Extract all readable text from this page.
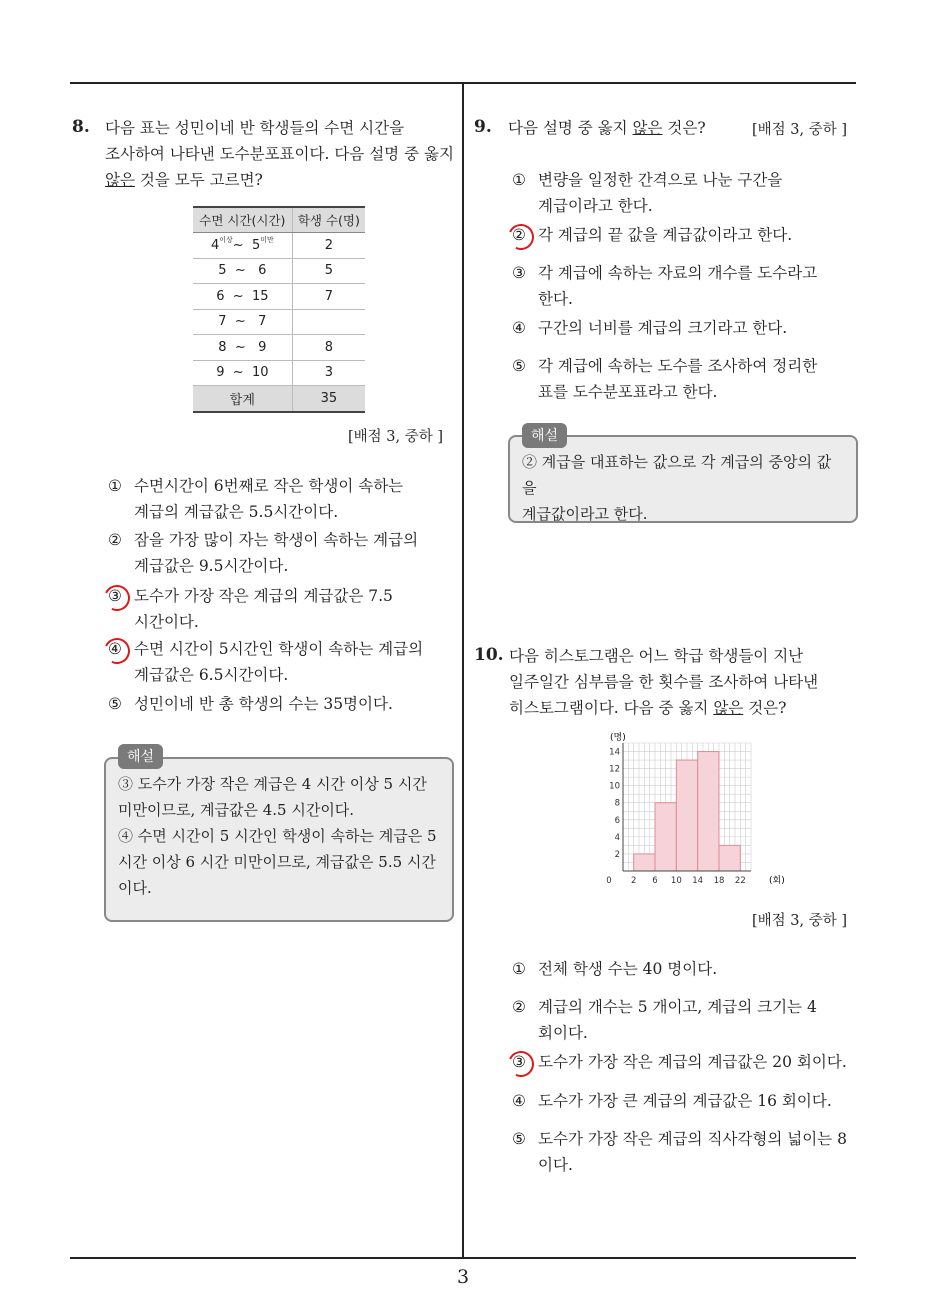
3
8. 다음 표는 성민이네 반 학생들의 수면 시간을
조사하여 나타낸 도수분포표이다. 다음 설명 중 옳지
않은 것을 모두 고르면?
수면 시간(시간)	학생 수(명)
$4^{이상}\sim$ $5^{미만}$	2
5 ~ 6	5
6 ~ 15	7
7 ~ 7	
8 ~ 9	8
9 ~ 10	3
합계	35
[배점 3, 중하 ]
① 수면시간이 6번째로 작은 학생이 속하는
계급의 계급값은 5.5시간이다.
② 잠을 가장 많이 자는 학생이 속하는 계급의
계급값은 9.5시간이다.
③ 도수가 가장 작은 계급의 계급값은 7.5
시간이다.
④ 수면 시간이 5시간인 학생이 속하는 계급의
계급값은 6.5시간이다.
⑤ 성민이네 반 총 학생의 수는 35명이다.
③ 도수가 가장 작은 계급은 4 시간 이상 5 시간
미만이므로, 계급값은 4.5 시간이다.
④ 수면 시간이 5 시간인 학생이 속하는 계급은 5
시간 이상 6 시간 미만이므로, 계급값은 5.5 시간
이다.
해설
9. 다음 설명 중 옳지 않은 것은?	[배점 3, 중하 ]
① 변량을 일정한 간격으로 나눈 구간을
계급이라고 한다.
② 각 계급의 끝 값을 계급값이라고 한다.
③ 각 계급에 속하는 자료의 개수를 도수라고
한다.
④ 구간의 너비를 계급의 크기라고 한다.
⑤ 각 계급에 속하는 도수를 조사하여 정리한
표를 도수분포표라고 한다.
② 계급을 대표하는 값으로 각 계급의 중앙의 값을
계급값이라고 한다.
해설
10. 다음 히스토그램은 어느 학급 학생들이 지난
일주일간 심부름을 한 횟수를 조사하여 나타낸
히스토그램이다. 다음 중 옳지 않은 것은?
2
4
6
8
10
12
14
0 2 6 10 14 18 22
(명)
(회)
[배점 3, 중하 ]
① 전체 학생 수는 40 명이다.
② 계급의 개수는 5 개이고, 계급의 크기는 4
회이다.
③ 도수가 가장 작은 계급의 계급값은 20 회이다.
④ 도수가 가장 큰 계급의 계급값은 16 회이다.
⑤ 도수가 가장 작은 계급의 직사각형의 넓이는 8
이다.
